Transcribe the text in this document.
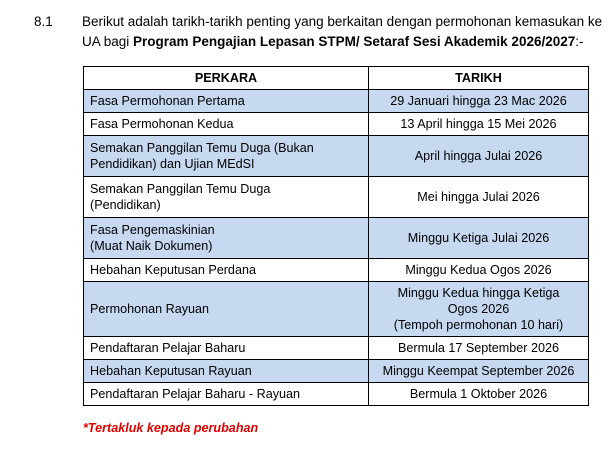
8.1 Berikut adalah tarikh-tarikh penting yang berkaitan dengan permohonan kemasukan ke UA bagi Program Pengajian Lepasan STPM/ Setaraf Sesi Akademik 2026/2027:-
PERKARA	TARIKH
Fasa Permohonan Pertama	29 Januari hingga 23 Mac 2026
Fasa Permohonan Kedua	13 April hingga 15 Mei 2026
Semakan Panggilan Temu Duga (Bukan
Pendidikan) dan Ujian MEdSI	April hingga Julai 2026
Semakan Panggilan Temu Duga
(Pendidikan)	Mei hingga Julai 2026
Fasa Pengemaskinian
(Muat Naik Dokumen)	Minggu Ketiga Julai 2026
Hebahan Keputusan Perdana	Minggu Kedua Ogos 2026
Permohonan Rayuan	Minggu Kedua hingga Ketiga
Ogos 2026
(Tempoh permohonan 10 hari)
Pendaftaran Pelajar Baharu	Bermula 17 September 2026
Hebahan Keputusan Rayuan	Minggu Keempat September 2026
Pendaftaran Pelajar Baharu - Rayuan	Bermula 1 Oktober 2026
*Tertakluk kepada perubahan
